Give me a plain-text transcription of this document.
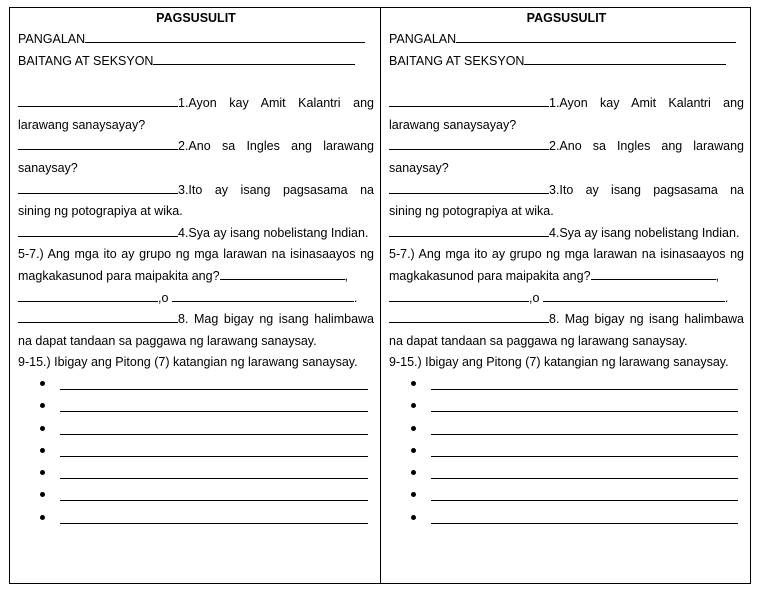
PAGSUSULIT
PANGALAN
BAITANG AT SEKSYON
1.Ayon kay Amit Kalantri ang
larawang sanaysayay?
2.Ano sa Ingles ang larawang
sanaysay?
3.Ito ay isang pagsasama na
sining ng potograpiya at wika.
4.Sya ay isang nobelistang Indian.
5-7.) Ang mga ito ay grupo ng mga larawan na isinasaayos ng
magkakasunod para maipakita ang?	,
,o	.
8. Mag bigay ng isang halimbawa
na dapat tandaan sa paggawa ng larawang sanaysay.
9-15.) Ibigay ang Pitong (7) katangian ng larawang sanaysay.
PAGSUSULIT
PANGALAN
BAITANG AT SEKSYON
1.Ayon kay Amit Kalantri ang
larawang sanaysayay?
2.Ano sa Ingles ang larawang
sanaysay?
3.Ito ay isang pagsasama na
sining ng potograpiya at wika.
4.Sya ay isang nobelistang Indian.
5-7.) Ang mga ito ay grupo ng mga larawan na isinasaayos ng
magkakasunod para maipakita ang?	,
,o	.
8. Mag bigay ng isang halimbawa
na dapat tandaan sa paggawa ng larawang sanaysay.
9-15.) Ibigay ang Pitong (7) katangian ng larawang sanaysay.
